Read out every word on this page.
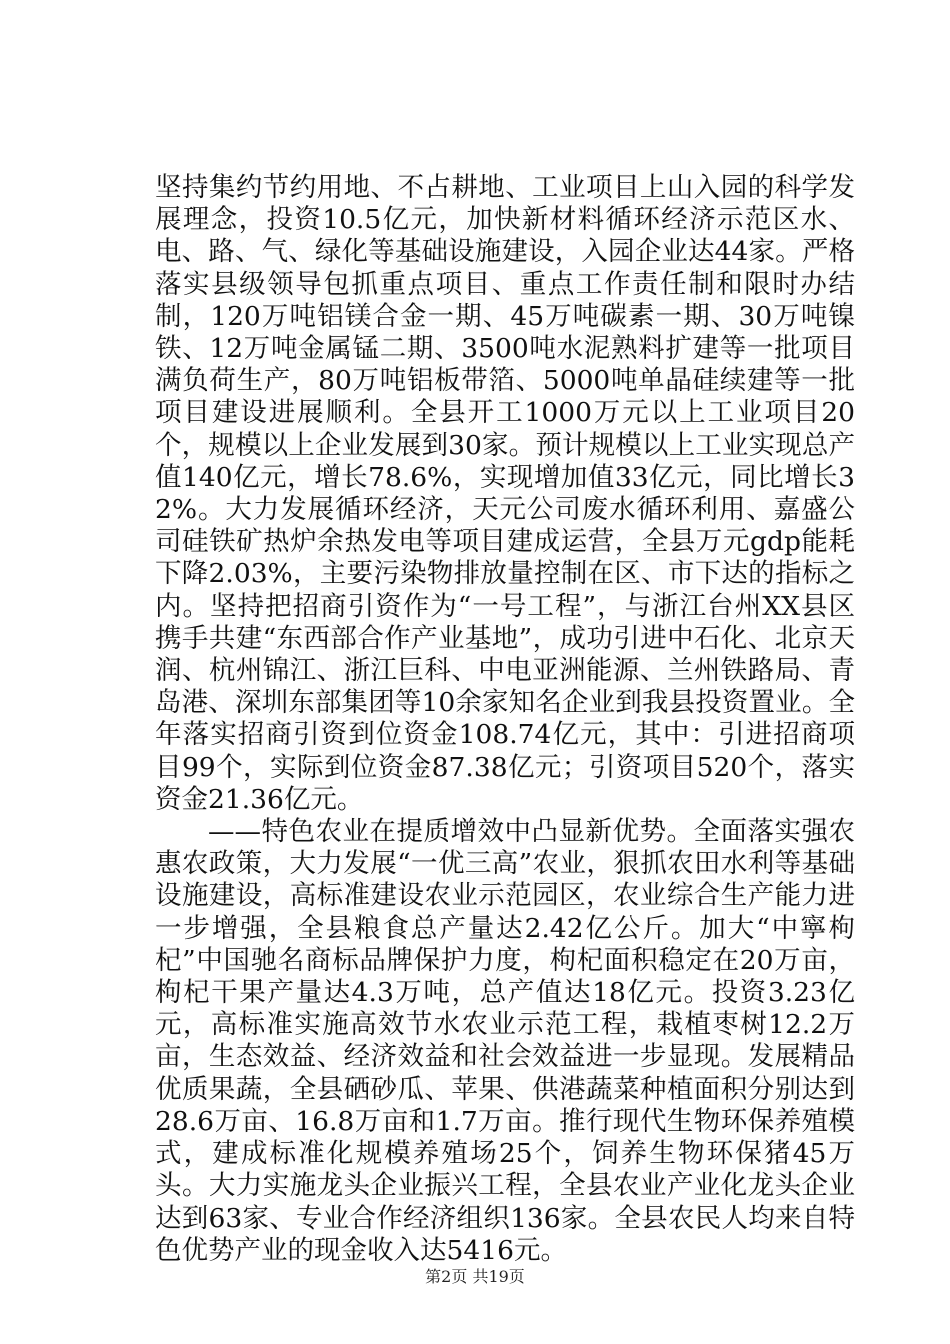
坚持集约节约用地、不占耕地、工业项目上山入园的科学发展理念，投资10.5亿元，加快新材料循环经济示范区水、电、路、气、绿化等基础设施建设，入园企业达44家。严格落实县级领导包抓重点项目、重点工作责任制和限时办结制，120万吨铝镁合金一期、45万吨碳素一期、30万吨镍铁、12万吨金属锰二期、3500吨水泥熟料扩建等一批项目满负荷生产，80万吨铝板带箔、5000吨单晶硅续建等一批项目建设进展顺利。全县开工1000万元以上工业项目20个，规模以上企业发展到30家。预计规模以上工业实现总产值140亿元，增长78.6%，实现增加值33亿元，同比增长32%。大力发展循环经济，天元公司废水循环利用、嘉盛公司硅铁矿热炉余热发电等项目建成运营，全县万元gdp能耗下降2.03%，主要污染物排放量控制在区、市下达的指标之内。坚持把招商引资作为“一号工程”，与浙江台州XX县区携手共建“东西部合作产业基地”，成功引进中石化、北京天润、杭州锦江、浙江巨科、中电亚洲能源、兰州铁路局、青岛港、深圳东部集团等10余家知名企业到我县投资置业。全年落实招商引资到位资金108.74亿元，其中：引进招商项目99个，实际到位资金87.38亿元；引资项目520个，落实资金21.36亿元。

——特色农业在提质增效中凸显新优势。全面落实强农惠农政策，大力发展“一优三高”农业，狠抓农田水利等基础设施建设，高标准建设农业示范园区，农业综合生产能力进一步增强，全县粮食总产量达2.42亿公斤。加大“中寧枸杞”中国驰名商标品牌保护力度，枸杞面积稳定在20万亩，枸杞干果产量达4.3万吨，总产值达18亿元。投资3.23亿元，高标准实施高效节水农业示范工程，栽植枣树12.2万亩，生态效益、经济效益和社会效益进一步显现。发展精品优质果蔬，全县硒砂瓜、苹果、供港蔬菜种植面积分别达到28.6万亩、16.8万亩和1.7万亩。推行现代生物环保养殖模式，建成标准化规模养殖场25个，饲养生物环保猪45万头。大力实施龙头企业振兴工程，全县农业产业化龙头企业达到63家、专业合作经济组织136家。全县农民人均来自特色优势产业的现金收入达5416元。

第2页 共19页
